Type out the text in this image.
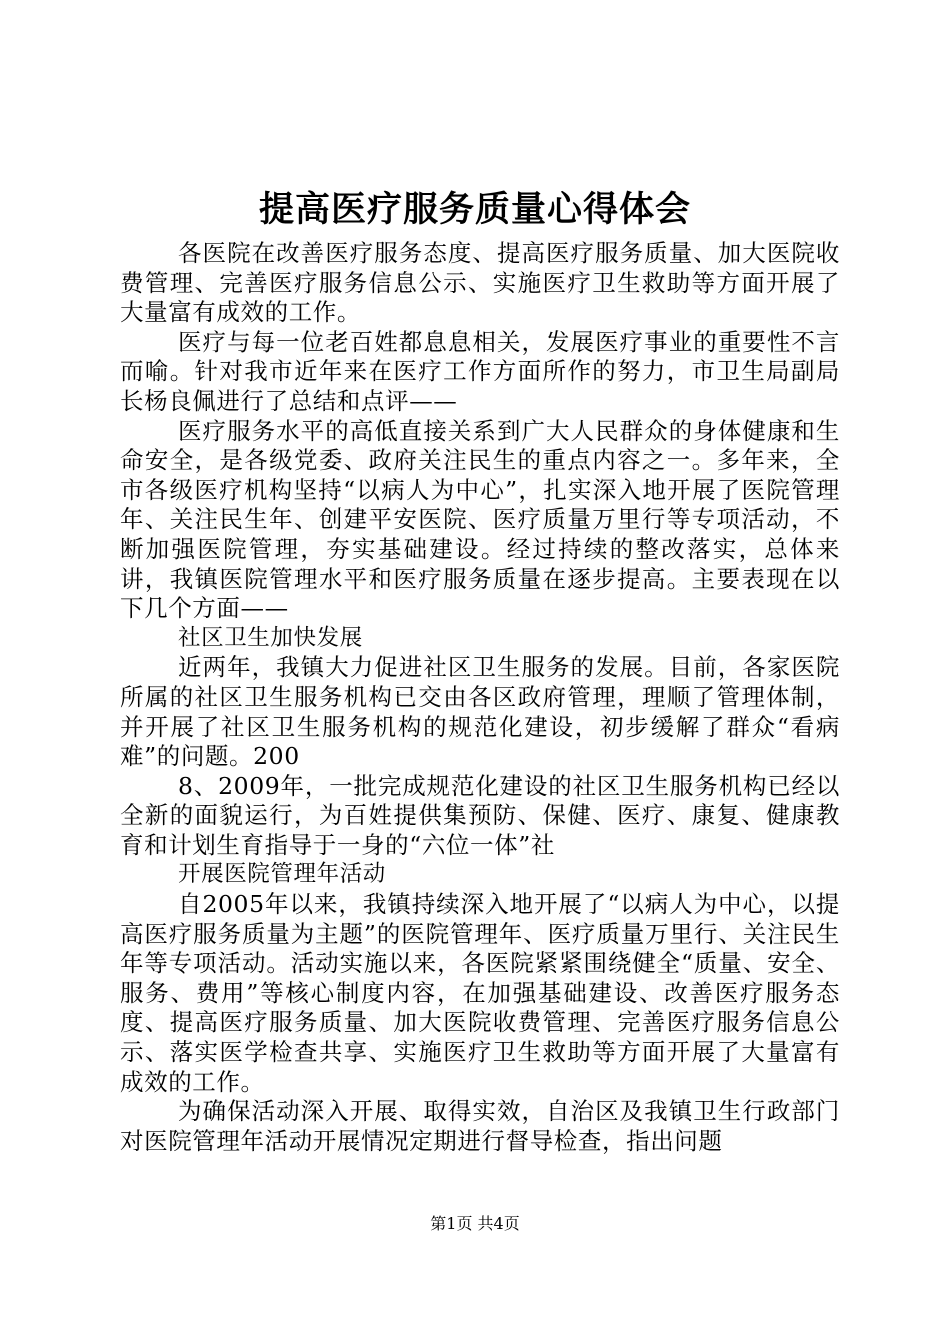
提高医疗服务质量心得体会

各医院在改善医疗服务态度、提高医疗服务质量、加大医院收费管理、完善医疗服务信息公示、实施医疗卫生救助等方面开展了大量富有成效的工作。

医疗与每一位老百姓都息息相关，发展医疗事业的重要性不言而喻。针对我市近年来在医疗工作方面所作的努力，市卫生局副局长杨良佩进行了总结和点评——

医疗服务水平的高低直接关系到广大人民群众的身体健康和生命安全，是各级党委、政府关注民生的重点内容之一。多年来，全市各级医疗机构坚持“以病人为中心”，扎实深入地开展了医院管理年、关注民生年、创建平安医院、医疗质量万里行等专项活动，不断加强医院管理，夯实基础建设。经过持续的整改落实，总体来讲，我镇医院管理水平和医疗服务质量在逐步提高。主要表现在以下几个方面——

社区卫生加快发展

近两年，我镇大力促进社区卫生服务的发展。目前，各家医院所属的社区卫生服务机构已交由各区政府管理，理顺了管理体制，并开展了社区卫生服务机构的规范化建设，初步缓解了群众“看病难”的问题。200

8、2009年，一批完成规范化建设的社区卫生服务机构已经以全新的面貌运行，为百姓提供集预防、保健、医疗、康复、健康教育和计划生育指导于一身的“六位一体”社

开展医院管理年活动

自2005年以来，我镇持续深入地开展了“以病人为中心，以提高医疗服务质量为主题”的医院管理年、医疗质量万里行、关注民生年等专项活动。活动实施以来，各医院紧紧围绕健全“质量、安全、服务、费用”等核心制度内容，在加强基础建设、改善医疗服务态度、提高医疗服务质量、加大医院收费管理、完善医疗服务信息公示、落实医学检查共享、实施医疗卫生救助等方面开展了大量富有成效的工作。

为确保活动深入开展、取得实效，自治区及我镇卫生行政部门对医院管理年活动开展情况定期进行督导检查，指出问题

第1页 共4页
